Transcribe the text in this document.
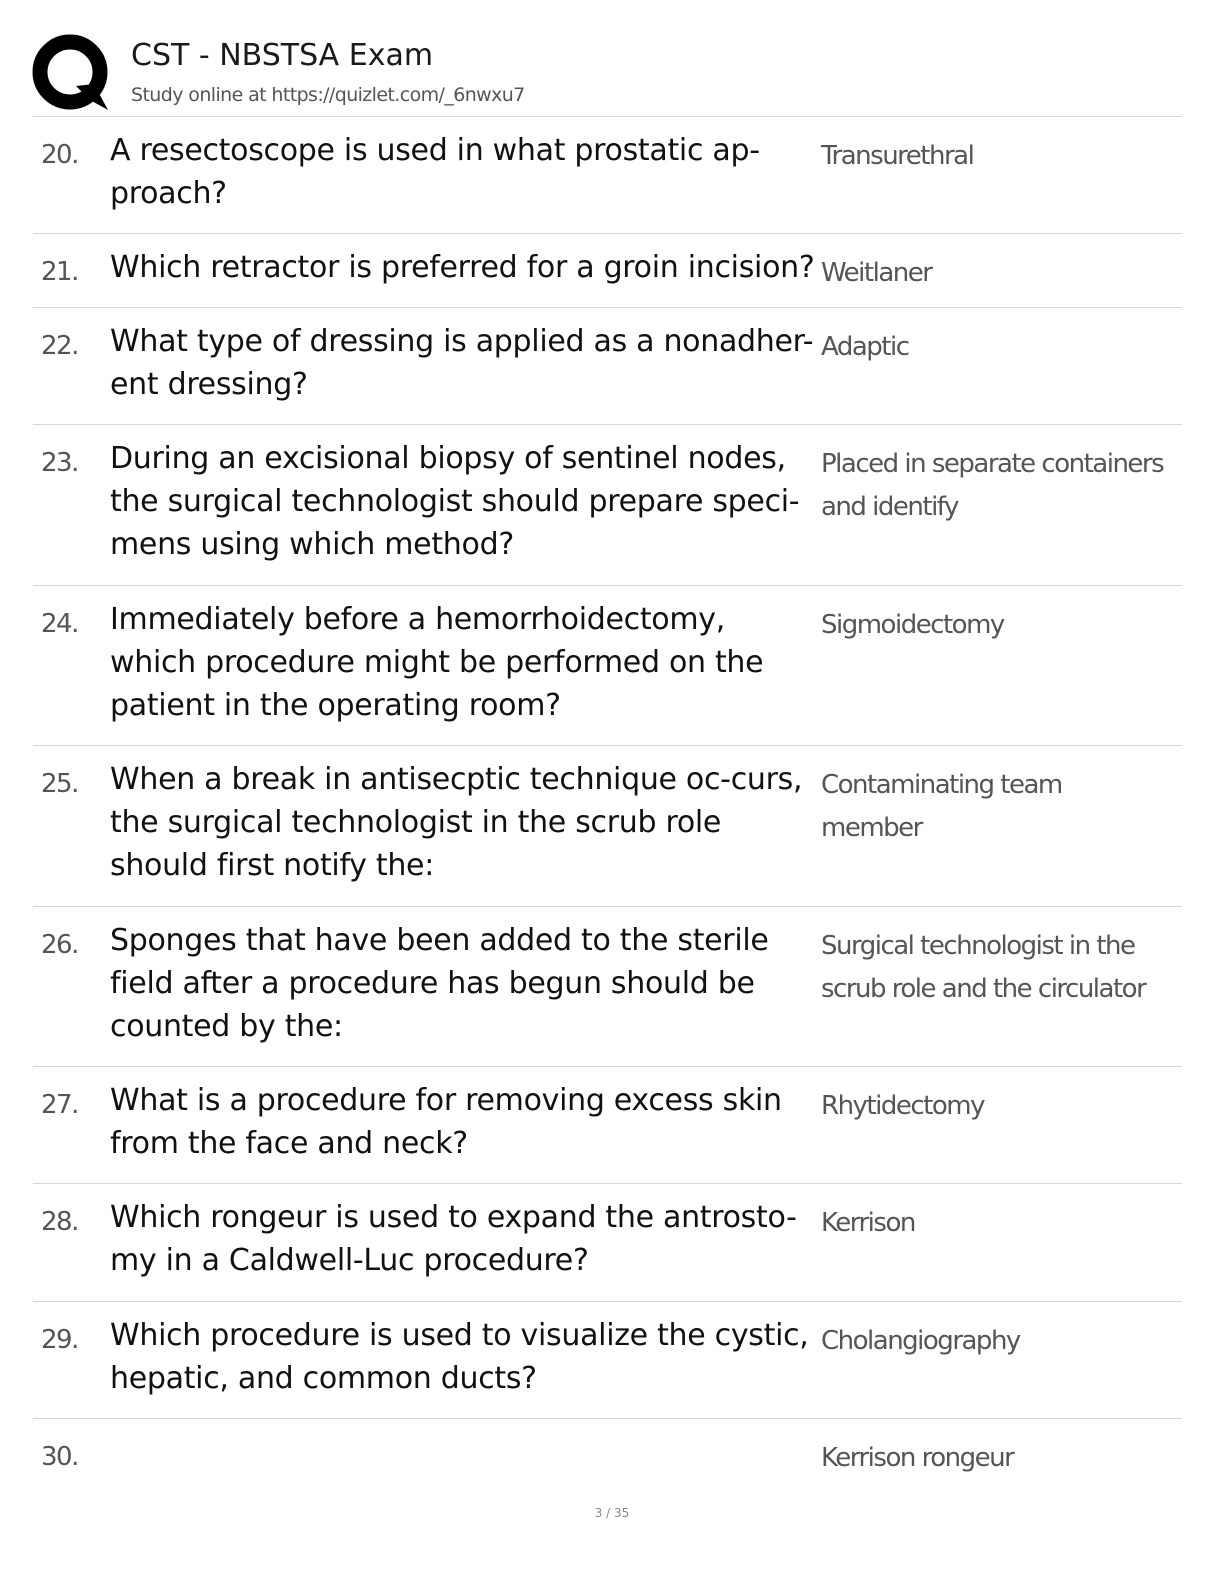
CST - NBSTSA Exam
Study online at https://quizlet.com/_6nwxu7
20. A resectoscope is used in what prostatic ap-proach?
Transurethral
21. Which retractor is preferred for a groin incision? Weitlaner
22. What type of dressing is applied as a nonadher-ent dressing?
Adaptic
23. During an excisional biopsy of sentinel nodes, the surgical technologist should prepare speci-mens using which method?
Placed in separate containers and identify
24. Immediately before a hemorrhoidectomy, which procedure might be performed on the patient in the operating room?
Sigmoidectomy
25. When a break in antisecptic technique oc-curs, the surgical technologist in the scrub role should first notify the:
Contaminating team member
26. Sponges that have been added to the sterile field after a procedure has begun should be counted by the:
Surgical technologist in the scrub role and the circulator
27. What is a procedure for removing excess skin from the face and neck?
Rhytidectomy
28. Which rongeur is used to expand the antrosto-my in a Caldwell-Luc procedure?
Kerrison
29. Which procedure is used to visualize the cystic, hepatic, and common ducts?
Cholangiography
30.	Kerrison rongeur
3 / 35
